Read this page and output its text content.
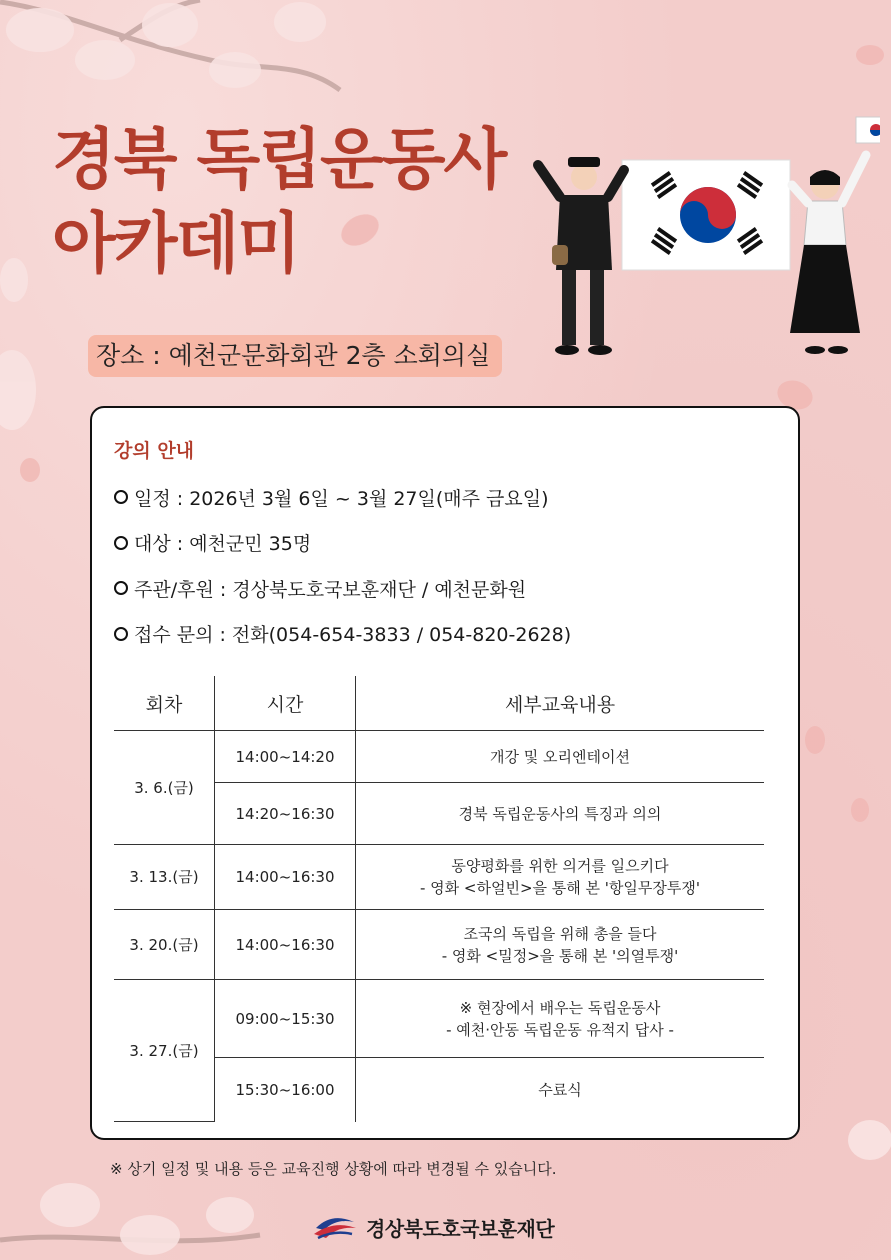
경북 독립운동사
아카데미
장소 : 예천군문화회관 2층 소회의실
강의 안내
일정 : 2026년 3월 6일 ~ 3월 27일(매주 금요일)
대상 : 예천군민 35명
주관/후원 : 경상북도호국보훈재단 / 예천문화원
접수 문의 : 전화(054-654-3833 / 054-820-2628)
회차	시간	세부교육내용
3. 6.(금)	14:00~14:20	개강 및 오리엔테이션

	14:20~16:30	경북 독립운동사의 특징과 의의

3. 13.(금)	14:00~16:30	동양평화를 위한 의거를 일으키다
- 영화 <하얼빈>을 통해 본 '항일무장투쟁'

3. 20.(금)	14:00~16:30	조국의 독립을 위해 총을 들다
- 영화 <밀정>을 통해 본 '의열투쟁'

3. 27.(금)	09:00~15:30	※ 현장에서 배우는 독립운동사
- 예천·안동 독립운동 유적지 답사 -

	15:30~16:00	수료식
※ 상기 일정 및 내용 등은 교육진행 상황에 따라 변경될 수 있습니다.
경상북도호국보훈재단
